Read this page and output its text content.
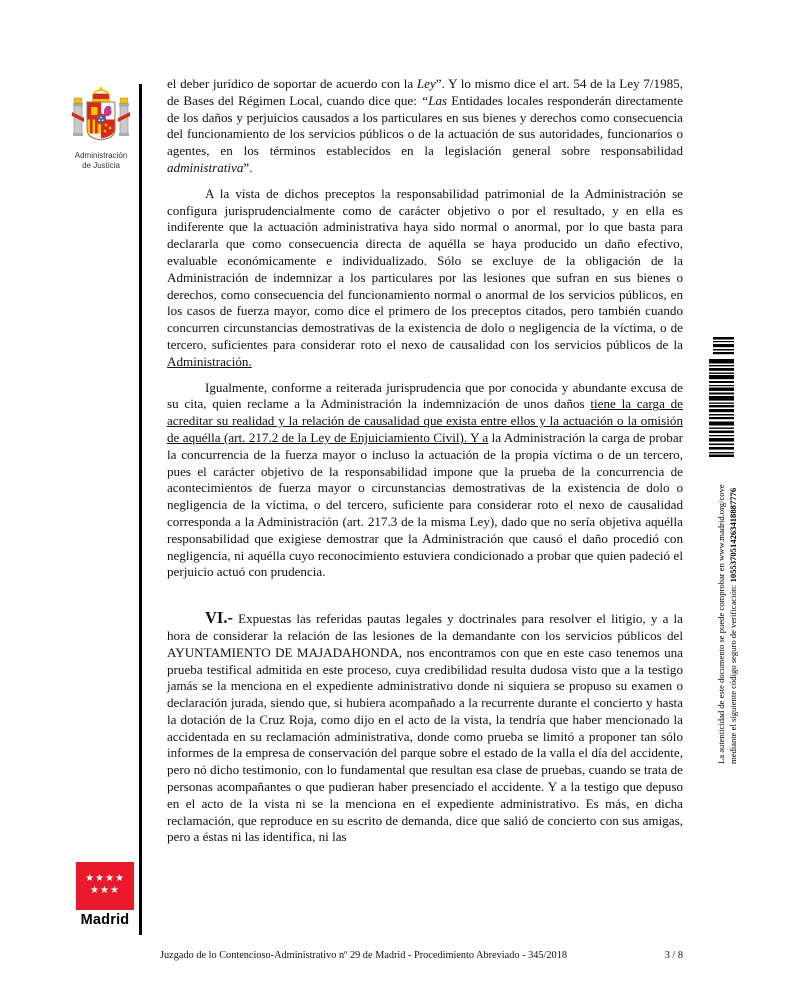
Administración
de Justicia

el deber jurídico de soportar de acuerdo con la Ley”. Y lo mismo dice el art. 54 de la Ley 7/1985, de Bases del Régimen Local, cuando dice que: “Las Entidades locales responderán directamente de los daños y perjuicios causados a los particulares en sus bienes y derechos como consecuencia del funcionamiento de los servicios públicos o de la actuación de sus autoridades, funcionarios o agentes, en los términos establecidos en la legislación general sobre responsabilidad administrativa”.

A la vista de dichos preceptos la responsabilidad patrimonial de la Administración se configura jurisprudencialmente como de carácter objetivo o por el resultado, y en ella es indiferente que la actuación administrativa haya sido normal o anormal, por lo que basta para declararla que como consecuencia directa de aquélla se haya producido un daño efectivo, evaluable económicamente e individualizado. Sólo se excluye de la obligación de la Administración de indemnizar a los particulares por las lesiones que sufran en sus bienes o derechos, como consecuencia del funcionamiento normal o anormal de los servicios públicos, en los casos de fuerza mayor, como dice el primero de los preceptos citados, pero también cuando concurren circunstancias demostrativas de la existencia de dolo o negligencia de la víctima, o de tercero, suficientes para considerar roto el nexo de causalidad con los servicios públicos de la Administración.

Igualmente, conforme a reiterada jurisprudencia que por conocida y abundante excusa de su cita, quien reclame a la Administración la indemnización de unos daños tiene la carga de acreditar su realidad y la relación de causalidad que exista entre ellos y la actuación o la omisión de aquélla (art. 217.2 de la Ley de Enjuiciamiento Civil). Y a la Administración la carga de probar la concurrencia de la fuerza mayor o incluso la actuación de la propia víctima o de un tercero, pues el carácter objetivo de la responsabilidad impone que la prueba de la concurrencia de acontecimientos de fuerza mayor o circunstancias demostrativas de la existencia de dolo o negligencia de la víctima, o del tercero, suficiente para considerar roto el nexo de causalidad corresponda a la Administración (art. 217.3 de la misma Ley), dado que no sería objetiva aquélla responsabilidad que exigiese demostrar que la Administración que causó el daño procedió con negligencia, ni aquélla cuyo reconocimiento estuviera condicionado a probar que quien padeció el perjuicio actuó con prudencia.

VI.- Expuestas las referidas pautas legales y doctrinales para resolver el litigio, y a la hora de considerar la relación de las lesiones de la demandante con los servicios públicos del AYUNTAMIENTO DE MAJADAHONDA, nos encontramos con que en este caso tenemos una prueba testifical admitida en este proceso, cuya credibilidad resulta dudosa visto que a la testigo jamás se la menciona en el expediente administrativo donde ni siquiera se propuso su examen o declaración jurada, siendo que, si hubiera acompañado a la recurrente durante el concierto y hasta la dotación de la Cruz Roja, como dijo en el acto de la vista, la tendría que haber mencionado la accidentada en su reclamación administrativa, donde como prueba se limitó a proponer tan sólo informes de la empresa de conservación del parque sobre el estado de la valla el día del accidente, pero nó dicho testimonio, con lo fundamental que resultan esa clase de pruebas, cuando se trata de personas acompañantes o que pudieran haber presenciado el accidente. Y a la testigo que depuso en el acto de la vista ni se la menciona en el expediente administrativo. Es más, en dicha reclamación, que reproduce en su escrito de demanda, dice que salió de concierto con sus amigas, pero a éstas ni las identifica, ni las

La autenticidad de este documento se puede comprobar en www.madrid.org/cove
mediante el siguiente código seguro de verificación: 1055370514263418887776
★★★★
★★★
Madrid
Juzgado de lo Contencioso-Administrativo nº 29 de Madrid - Procedimiento Abreviado - 345/2018	3 / 8
